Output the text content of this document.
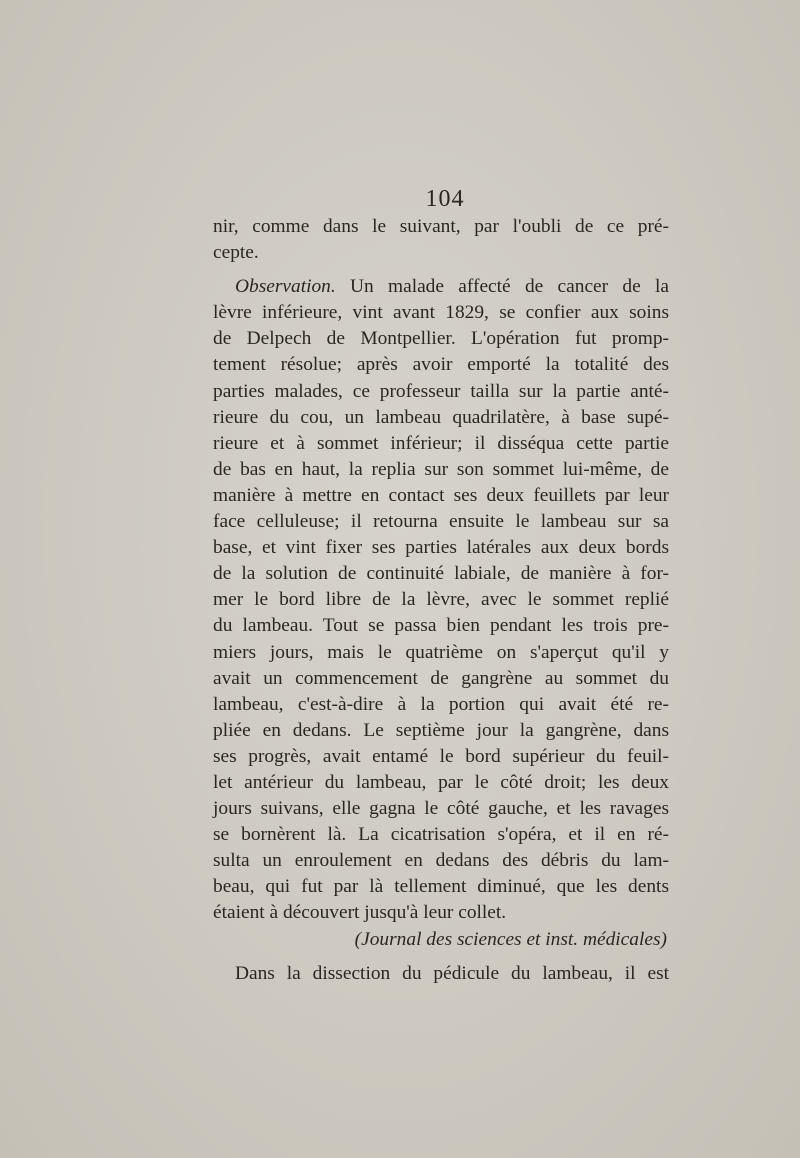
104
nir, comme dans le suivant, par l'oubli de ce pré-
cepte.
Observation. Un malade affecté de cancer de la
lèvre inférieure, vint avant 1829, se confier aux soins
de Delpech de Montpellier. L'opération fut promp-
tement résolue; après avoir emporté la totalité des
parties malades, ce professeur tailla sur la partie anté-
rieure du cou, un lambeau quadrilatère, à base supé-
rieure et à sommet inférieur; il disséqua cette partie
de bas en haut, la replia sur son sommet lui-même, de
manière à mettre en contact ses deux feuillets par leur
face celluleuse; il retourna ensuite le lambeau sur sa
base, et vint fixer ses parties latérales aux deux bords
de la solution de continuité labiale, de manière à for-
mer le bord libre de la lèvre, avec le sommet replié
du lambeau. Tout se passa bien pendant les trois pre-
miers jours, mais le quatrième on s'aperçut qu'il y
avait un commencement de gangrène au sommet du
lambeau, c'est-à-dire à la portion qui avait été re-
pliée en dedans. Le septième jour la gangrène, dans
ses progrès, avait entamé le bord supérieur du feuil-
let antérieur du lambeau, par le côté droit; les deux
jours suivans, elle gagna le côté gauche, et les ravages
se bornèrent là. La cicatrisation s'opéra, et il en ré-
sulta un enroulement en dedans des débris du lam-
beau, qui fut par là tellement diminué, que les dents
étaient à découvert jusqu'à leur collet.
(Journal des sciences et inst. médicales)
Dans la dissection du pédicule du lambeau, il est
